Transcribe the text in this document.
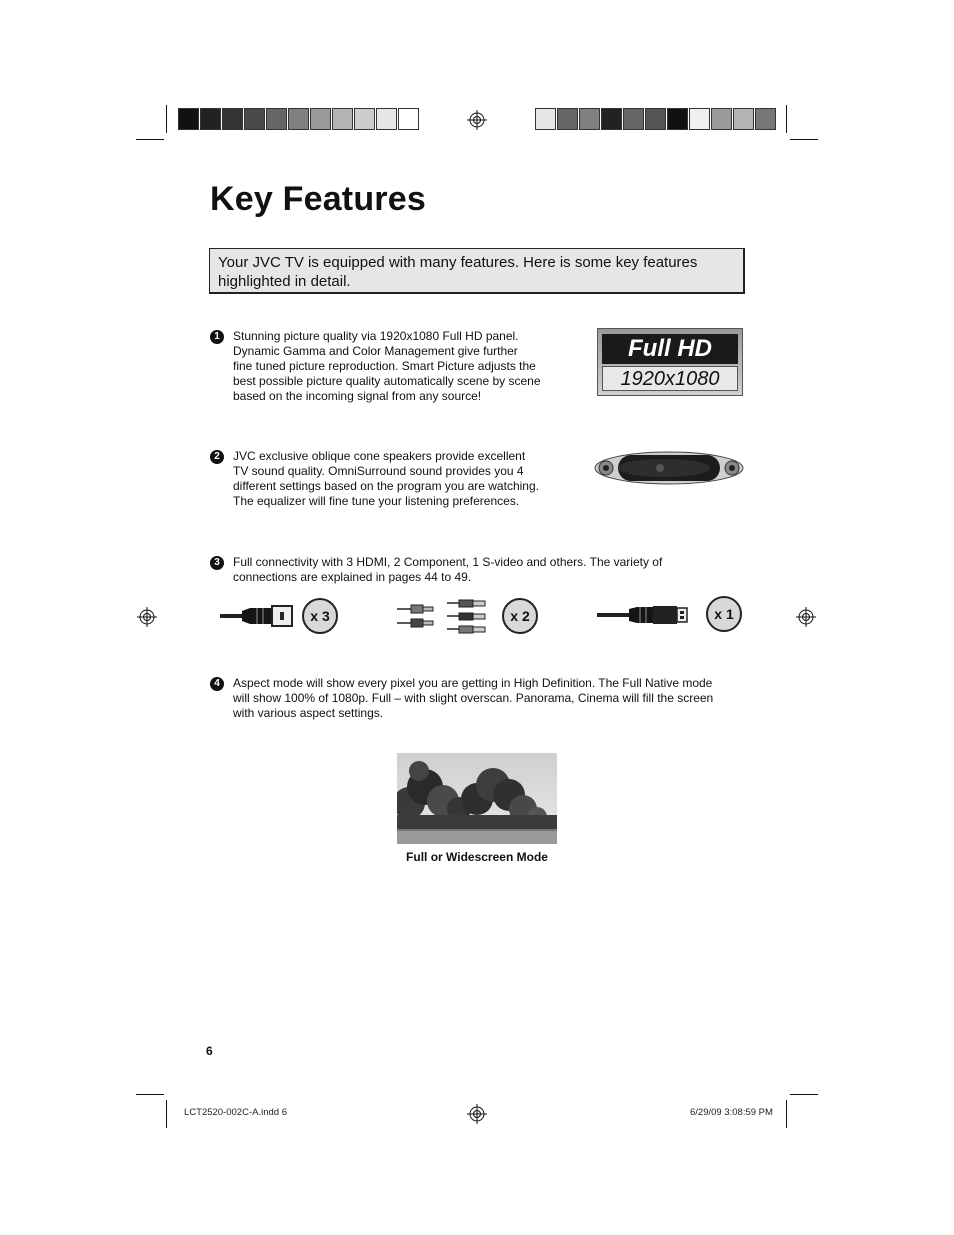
Key Features
Your JVC TV is equipped with many features. Here is some key features highlighted in detail.
1	Stunning picture quality via 1920x1080 Full HD panel.
Dynamic Gamma and Color Management give further
fine tuned picture reproduction. Smart Picture adjusts the
best possible picture quality automatically scene by scene
based on the incoming signal from any source!
Full HD
1920x1080
2	JVC exclusive oblique cone speakers provide excellent
TV sound quality. OmniSurround sound provides you 4
different settings based on the program you are watching.
The equalizer will fine tune your listening preferences.
3	Full connectivity with 3 HDMI, 2 Component, 1 S-video and others. The variety of
connections are explained in pages 44 to 49.
x 3	x 2	x 1
4	Aspect mode will show every pixel you are getting in High Definition. The Full Native mode
will show 100% of 1080p. Full – with slight overscan. Panorama, Cinema will fill the screen
with various aspect settings.
Full or Widescreen Mode
6
LCT2520-002C-A.indd 6	6/29/09 3:08:59 PM
